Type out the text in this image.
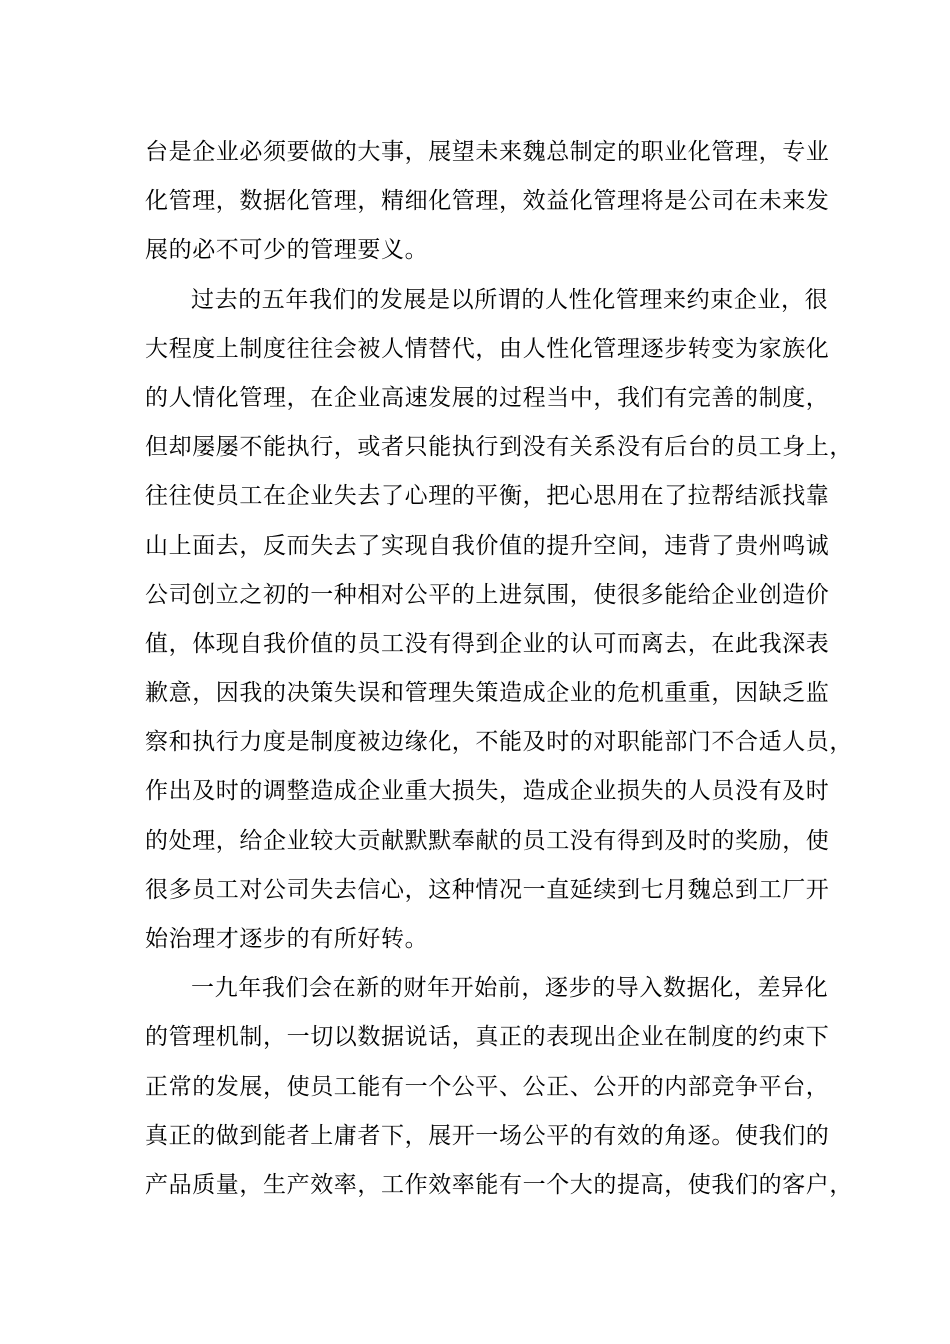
台是企业必须要做的大事，展望未来魏总制定的职业化管理，专业
化管理，数据化管理，精细化管理，效益化管理将是公司在未来发
展的必不可少的管理要义。
过去的五年我们的发展是以所谓的人性化管理来约束企业，很
大程度上制度往往会被人情替代，由人性化管理逐步转变为家族化
的人情化管理，在企业高速发展的过程当中，我们有完善的制度，
但却屡屡不能执行，或者只能执行到没有关系没有后台的员工身上，
往往使员工在企业失去了心理的平衡，把心思用在了拉帮结派找靠
山上面去，反而失去了实现自我价值的提升空间，违背了贵州鸣诚
公司创立之初的一种相对公平的上进氛围，使很多能给企业创造价
值，体现自我价值的员工没有得到企业的认可而离去，在此我深表
歉意，因我的决策失误和管理失策造成企业的危机重重，因缺乏监
察和执行力度是制度被边缘化，不能及时的对职能部门不合适人员，
作出及时的调整造成企业重大损失，造成企业损失的人员没有及时
的处理，给企业较大贡献默默奉献的员工没有得到及时的奖励，使
很多员工对公司失去信心，这种情况一直延续到七月魏总到工厂开
始治理才逐步的有所好转。
一九年我们会在新的财年开始前，逐步的导入数据化，差异化
的管理机制，一切以数据说话，真正的表现出企业在制度的约束下
正常的发展，使员工能有一个公平、公正、公开的内部竞争平台，
真正的做到能者上庸者下，展开一场公平的有效的角逐。使我们的
产品质量，生产效率，工作效率能有一个大的提高，使我们的客户，
